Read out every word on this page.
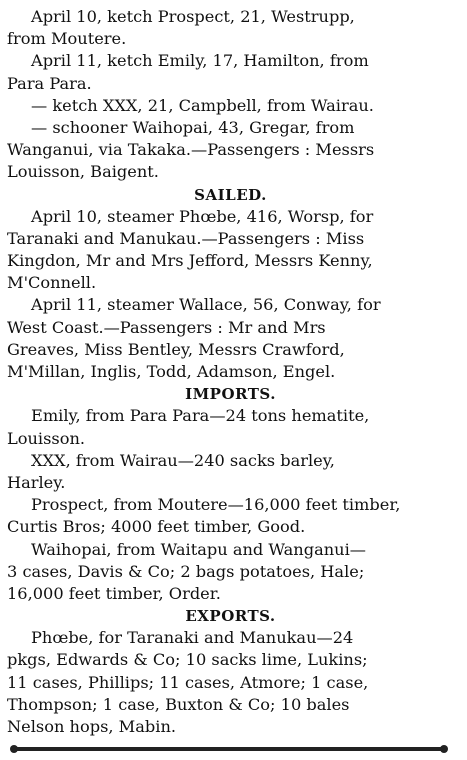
April 10, ketch Prospect, 21, Westrupp,
from Moutere.
April 11, ketch Emily, 17, Hamilton, from
Para Para.
— ketch XXX, 21, Campbell, from Wairau.
— schooner Waihopai, 43, Gregar, from
Wanganui, via Takaka.—Passengers : Messrs
Louisson, Baigent.
SAILED.
April 10, steamer Phœbe, 416, Worsp, for
Taranaki and Manukau.—Passengers : Miss
Kingdon, Mr and Mrs Jefford, Messrs Kenny,
M'Connell.
April 11, steamer Wallace, 56, Conway, for
West Coast.—Passengers : Mr and Mrs
Greaves, Miss Bentley, Messrs Crawford,
M'Millan, Inglis, Todd, Adamson, Engel.
IMPORTS.
Emily, from Para Para—24 tons hematite,
Louisson.
XXX, from Wairau—240 sacks barley,
Harley.
Prospect, from Moutere—16,000 feet timber,
Curtis Bros; 4000 feet timber, Good.
Waihopai, from Waitapu and Wanganui—
3 cases, Davis & Co; 2 bags potatoes, Hale;
16,000 feet timber, Order.
EXPORTS.
Phœbe, for Taranaki and Manukau—24
pkgs, Edwards & Co; 10 sacks lime, Lukins;
11 cases, Phillips; 11 cases, Atmore; 1 case,
Thompson; 1 case, Buxton & Co; 10 bales
Nelson hops, Mabin.
